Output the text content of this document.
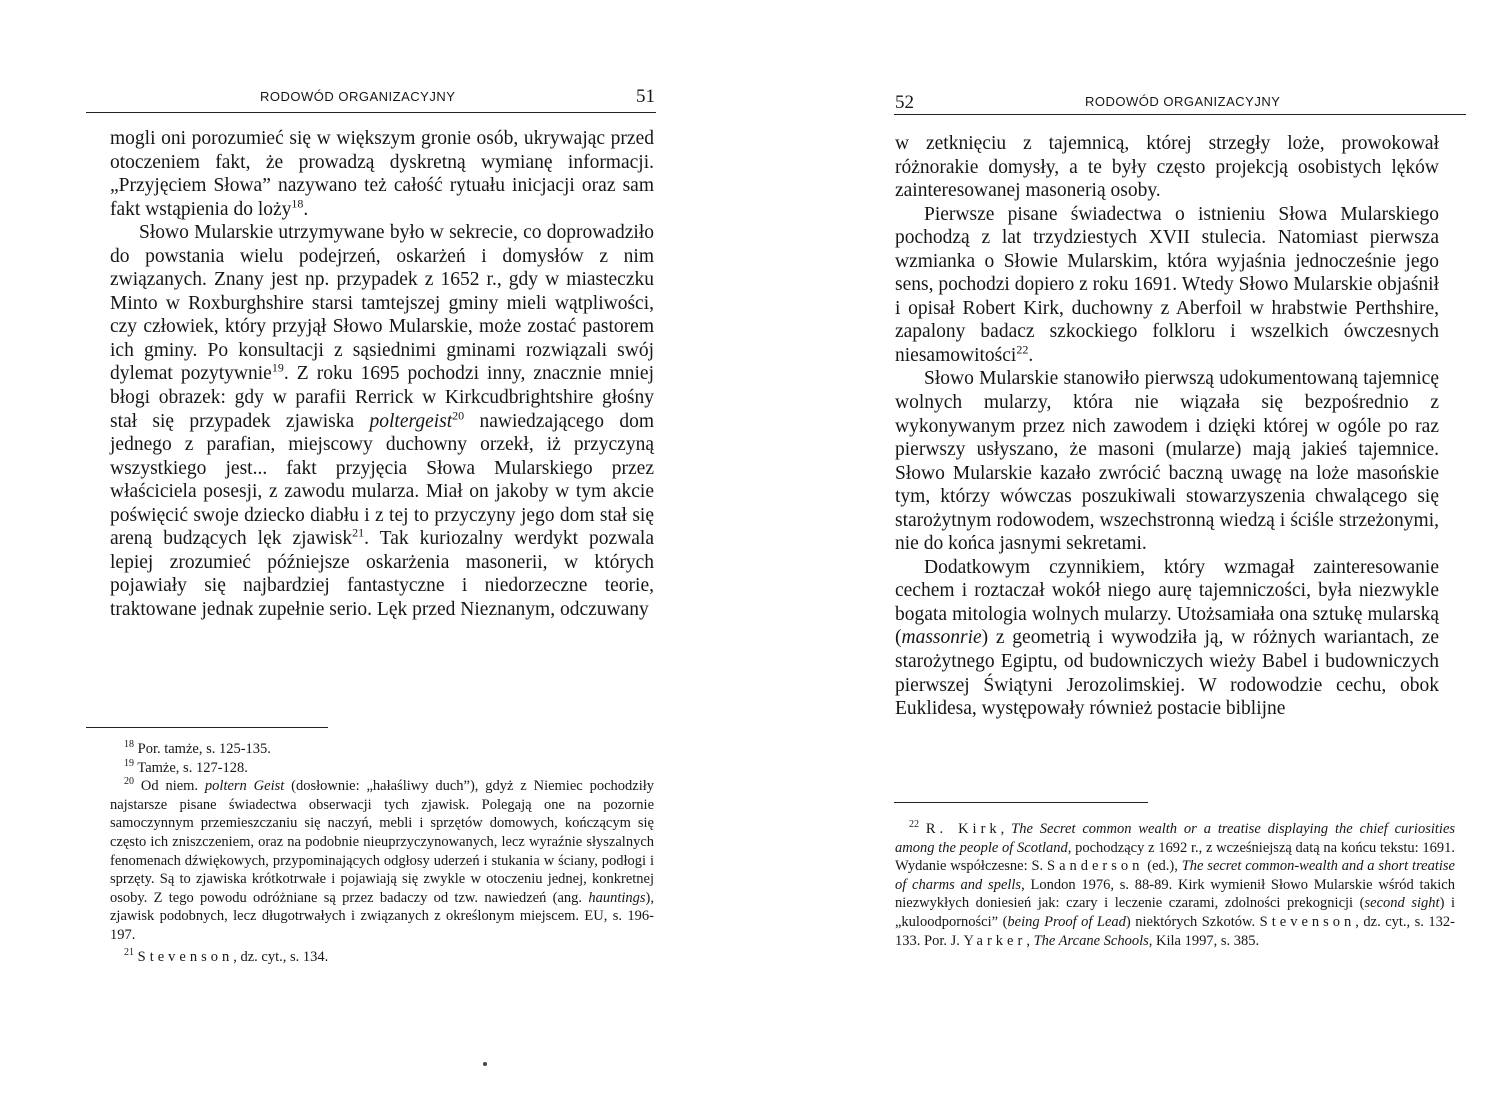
RODOWÓD ORGANIZACYJNY	51

mogli oni porozumieć się w większym gronie osób, ukrywając przed otoczeniem fakt, że prowadzą dyskretną wymianę informacji. „Przyjęciem Słowa” nazywano też całość rytuału inicjacji oraz sam fakt wstąpienia do loży$^{18}$.

Słowo Mularskie utrzymywane było w sekrecie, co doprowadziło do powstania wielu podejrzeń, oskarżeń i domysłów z nim związanych. Znany jest np. przypadek z 1652 r., gdy w miasteczku Minto w Roxburghshire starsi tamtejszej gminy mieli wątpliwości, czy człowiek, który przyjął Słowo Mularskie, może zostać pastorem ich gminy. Po konsultacji z sąsiednimi gminami rozwiązali swój dylemat pozytywnie$^{19}$. Z roku 1695 pochodzi inny, znacznie mniej błogi obrazek: gdy w parafii Rerrick w Kirkcudbrightshire głośny stał się przypadek zjawiska poltergeist$^{20}$ nawiedzającego dom jednego z parafian, miejscowy duchowny orzekł, iż przyczyną wszystkiego jest... fakt przyjęcia Słowa Mularskiego przez właściciela posesji, z zawodu mularza. Miał on jakoby w tym akcie poświęcić swoje dziecko diabłu i z tej to przyczyny jego dom stał się areną budzących lęk zjawisk$^{21}$. Tak kuriozalny werdykt pozwala lepiej zrozumieć późniejsze oskarżenia masonerii, w których pojawiały się najbardziej fantastyczne i niedorzeczne teorie, traktowane jednak zupełnie serio. Lęk przed Nieznanym, odczuwany

$^{18}$ Por. tamże, s. 125-135.

$^{19}$ Tamże, s. 127-128.

$^{20}$ Od niem. poltern Geist (dosłownie: „hałaśliwy duch”), gdyż z Niemiec pochodziły najstarsze pisane świadectwa obserwacji tych zjawisk. Polegają one na pozornie samoczynnym przemieszczaniu się naczyń, mebli i sprzętów domowych, kończącym się często ich zniszczeniem, oraz na podobnie nieuprzyczynowanych, lecz wyraźnie słyszalnych fenomenach dźwiękowych, przypominających odgłosy uderzeń i stukania w ściany, podłogi i sprzęty. Są to zjawiska krótkotrwałe i pojawiają się zwykle w otoczeniu jednej, konkretnej osoby. Z tego powodu odróżniane są przez badaczy od tzw. nawiedzeń (ang. hauntings), zjawisk podobnych, lecz długotrwałych i związanych z określonym miejscem. EU, s. 196-197.

$^{21}$ Stevenson, dz. cyt., s. 134.

52	RODOWÓD ORGANIZACYJNY

w zetknięciu z tajemnicą, której strzegły loże, prowokował różnorakie domysły, a te były często projekcją osobistych lęków zainteresowanej masonerią osoby.

Pierwsze pisane świadectwa o istnieniu Słowa Mularskiego pochodzą z lat trzydziestych XVII stulecia. Natomiast pierwsza wzmianka o Słowie Mularskim, która wyjaśnia jednocześnie jego sens, pochodzi dopiero z roku 1691. Wtedy Słowo Mularskie objaśnił i opisał Robert Kirk, duchowny z Aberfoil w hrabstwie Perthshire, zapalony badacz szkockiego folkloru i wszelkich ówczesnych niesamowitości$^{22}$.

Słowo Mularskie stanowiło pierwszą udokumentowaną tajemnicę wolnych mularzy, która nie wiązała się bezpośrednio z wykonywanym przez nich zawodem i dzięki której w ogóle po raz pierwszy usłyszano, że masoni (mularze) mają jakieś tajemnice. Słowo Mularskie kazało zwrócić baczną uwagę na loże masońskie tym, którzy wówczas poszukiwali stowarzyszenia chwalącego się starożytnym rodowodem, wszechstronną wiedzą i ściśle strzeżonymi, nie do końca jasnymi sekretami.

Dodatkowym czynnikiem, który wzmagał zainteresowanie cechem i roztaczał wokół niego aurę tajemniczości, była niezwykle bogata mitologia wolnych mularzy. Utożsamiała ona sztukę mularską (massonrie) z geometrią i wywodziła ją, w różnych wariantach, ze starożytnego Egiptu, od budowniczych wieży Babel i budowniczych pierwszej Świątyni Jerozolimskiej. W rodowodzie cechu, obok Euklidesa, występowały również postacie biblijne

$^{22}$ R. Kirk, The Secret common wealth or a treatise displaying the chief curiosities among the people of Scotland, pochodzący z 1692 r., z wcześniejszą datą na końcu tekstu: 1691. Wydanie współczesne: S. Sanderson (ed.), The secret common-wealth and a short treatise of charms and spells, London 1976, s. 88-89. Kirk wymienił Słowo Mularskie wśród takich niezwykłych doniesień jak: czary i leczenie czarami, zdolności prekognicji (second sight) i „kuloodporności” (being Proof of Lead) niektórych Szkotów. Stevenson, dz. cyt., s. 132-133. Por. J. Yarker, The Arcane Schools, Kila 1997, s. 385.
